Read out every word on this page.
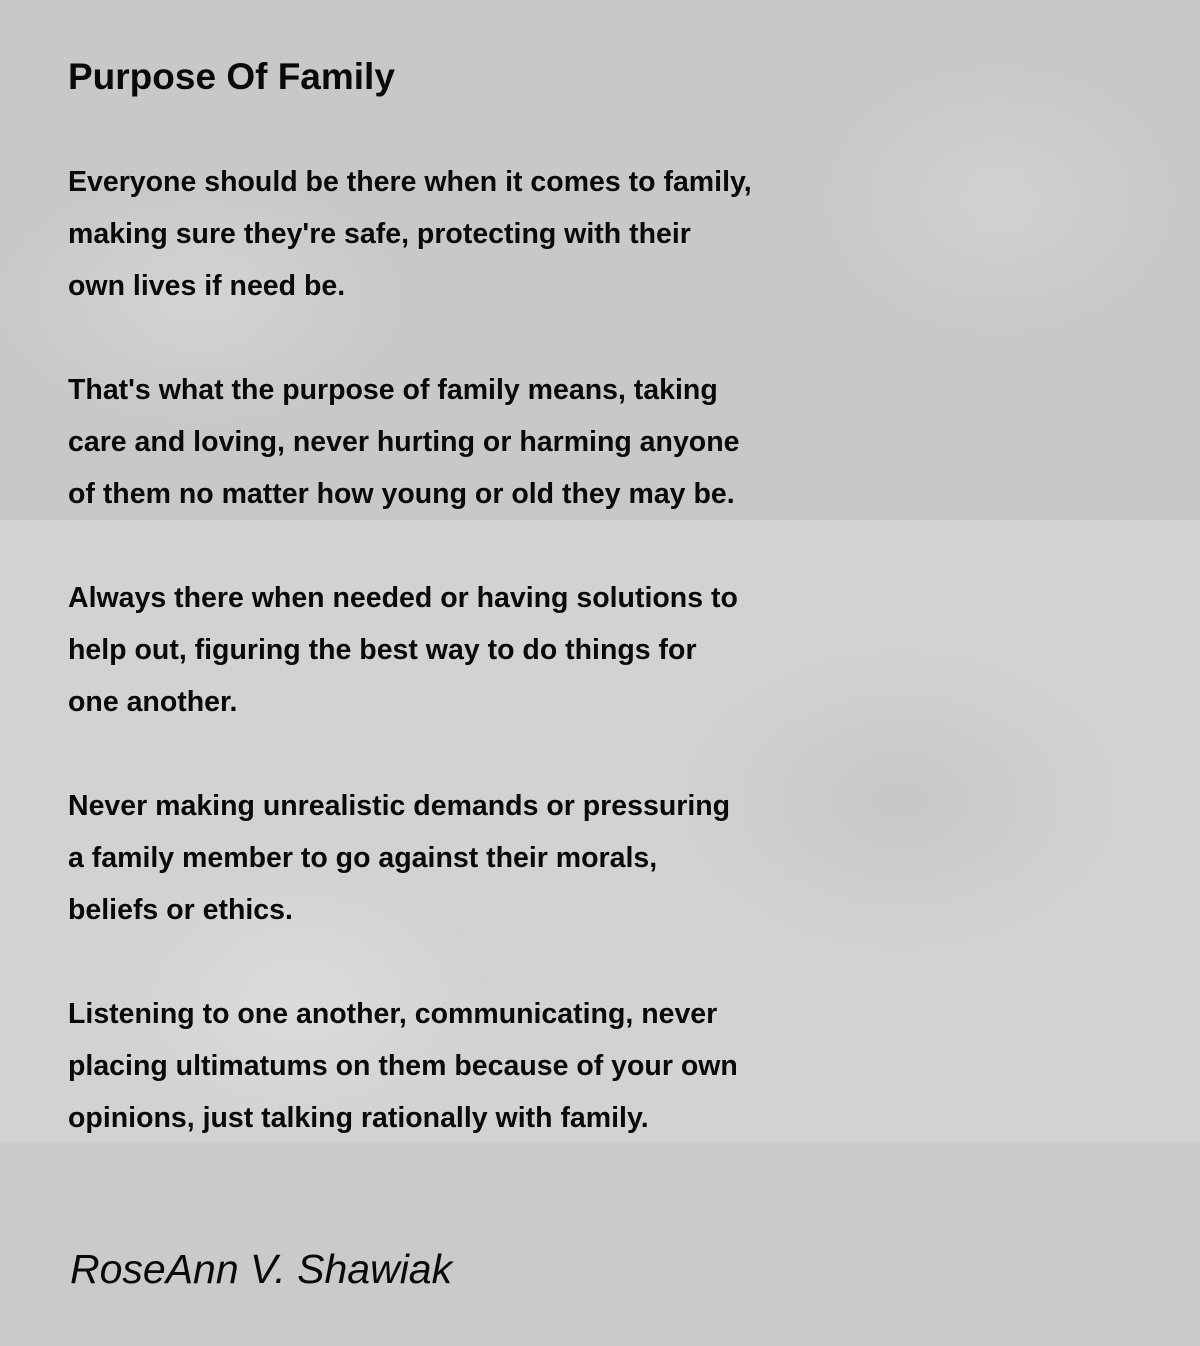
Purpose Of Family

Everyone should be there when it comes to family,
making sure they're safe, protecting with their
own lives if need be.

That's what the purpose of family means, taking
care and loving, never hurting or harming anyone
of them no matter how young or old they may be.

Always there when needed or having solutions to
help out, figuring the best way to do things for
one another.

Never making unrealistic demands or pressuring
a family member to go against their morals,
beliefs or ethics.

Listening to one another, communicating, never
placing ultimatums on them because of your own
opinions, just talking rationally with family.

RoseAnn V. Shawiak
